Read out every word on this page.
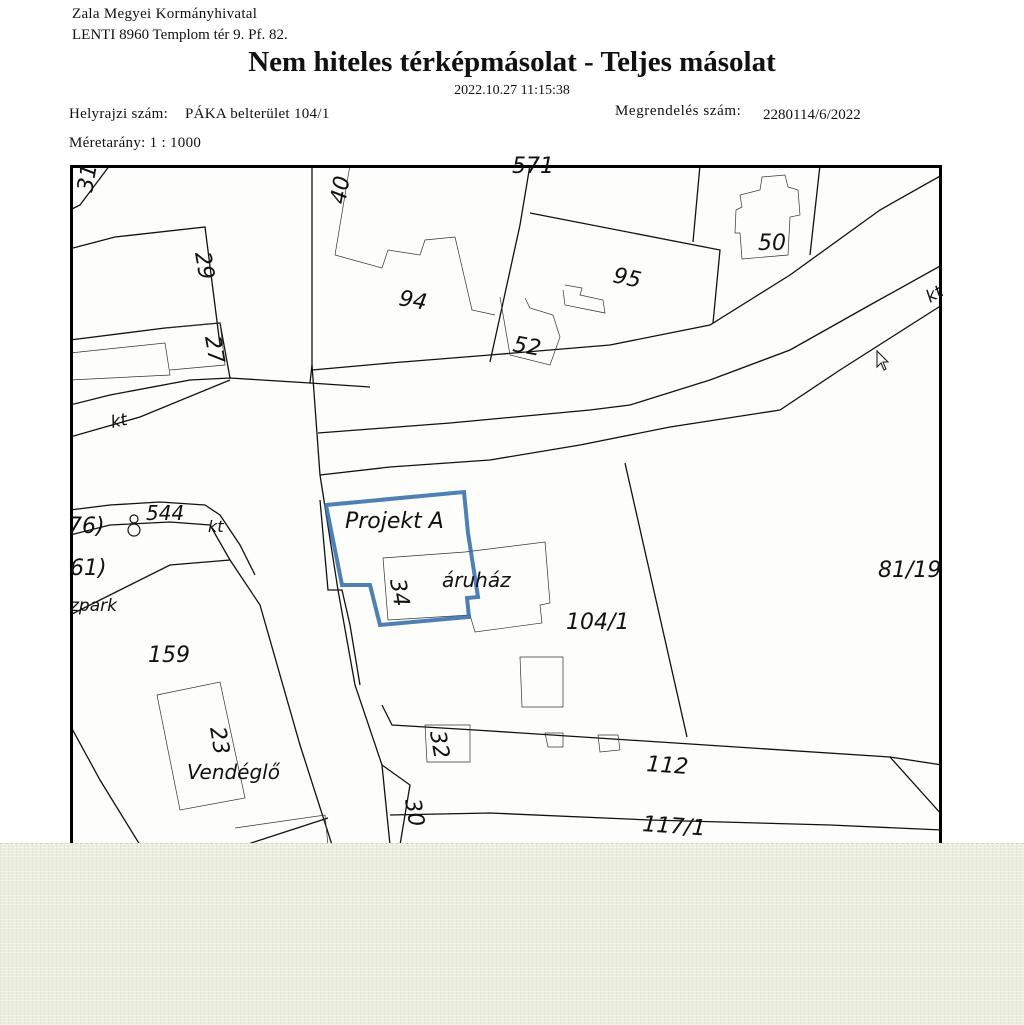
Zala Megyei Kormányhivatal
LENTI 8960 Templom tér 9. Pf. 82.
Nem hiteles térképmásolat - Teljes másolat
2022.10.27 11:15:38
Helyrajzi szám: PÁKA belterület 104/1	Megrendelés szám: 2280114/6/2022
Méretarány: 1 : 1000
31	40
571
50
29	95
94
52
27
kt
kt
kt
76)
544
61)
zpark	34 áruház
104/1
81/19
159
23
Vendéglő
32
112
30	117/1
Projekt A
